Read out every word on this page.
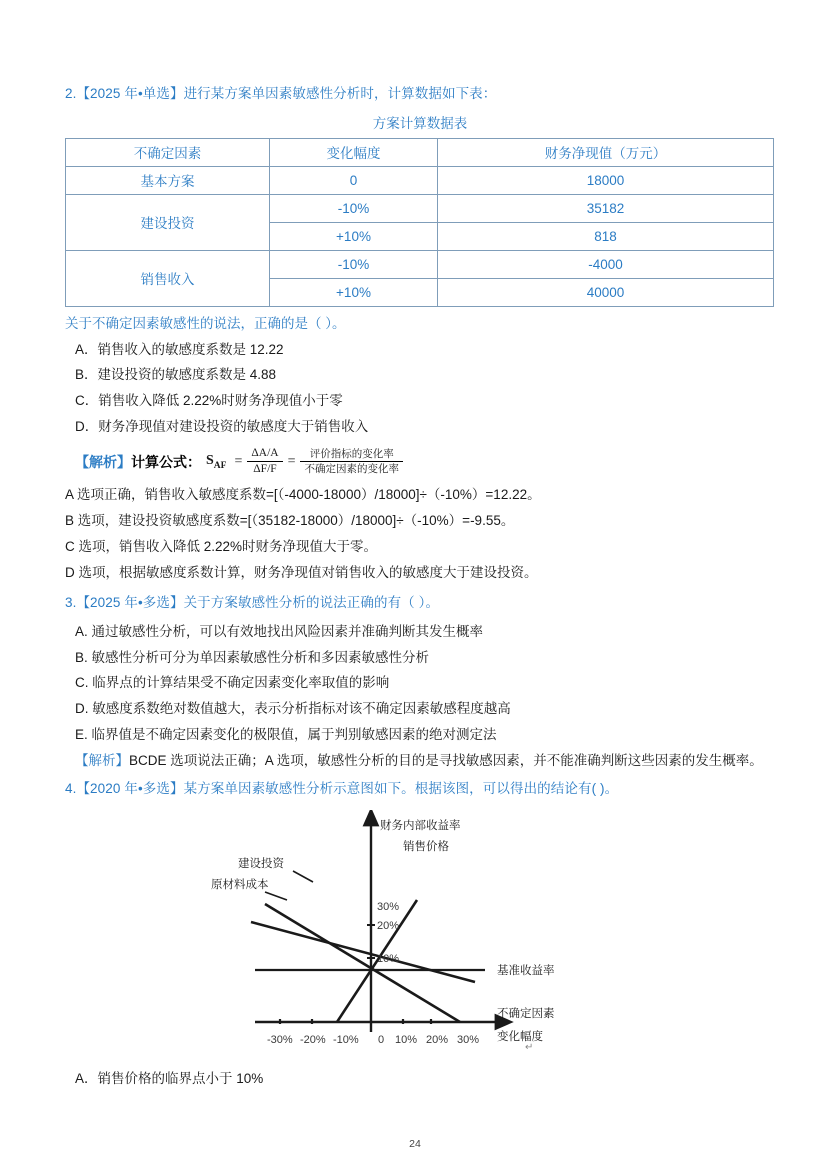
2.【2025 年•单选】进行某方案单因素敏感性分析时，计算数据如下表：

方案计算数据表

不确定因素	变化幅度	财务净现值（万元）
基本方案	0	18000
建设投资	-10%	35182
	+10%	818
销售收入	-10%	-4000
	+10%	40000

关于不确定因素敏感性的说法，正确的是（ ）。

A．销售收入的敏感度系数是 12.22

B．建设投资的敏感度系数是 4.88

C．销售收入降低 2.22%时财务净现值小于零

D．财务净现值对建设投资的敏感度大于销售收入

【解析】 计算公式： $S_{AF} = \frac{\Delta A/A}{\Delta F/F} = \frac{\text{评价指标的变化率}}{\text{不确定因素的变化率}}$

A 选项正确，销售收入敏感度系数=[（-4000-18000）/18000]÷（-10%）=12.22。

B 选项，建设投资敏感度系数=[（35182-18000）/18000]÷（-10%）=-9.55。

C 选项，销售收入降低 2.22%时财务净现值大于零。

D 选项，根据敏感度系数计算，财务净现值对销售收入的敏感度大于建设投资。

3.【2025 年•多选】关于方案敏感性分析的说法正确的有（ ）。

A. 通过敏感性分析，可以有效地找出风险因素并准确判断其发生概率

B. 敏感性分析可分为单因素敏感性分析和多因素敏感性分析

C. 临界点的计算结果受不确定因素变化率取值的影响

D. 敏感度系数绝对数值越大，表示分析指标对该不确定因素敏感程度越高

E. 临界值是不确定因素变化的极限值，属于判别敏感因素的绝对测定法

【解析】BCDE 选项说法正确；A 选项，敏感性分析的目的是寻找敏感因素，并不能准确判断这些因素的发生概率。

4.【2020 年•多选】某方案单因素敏感性分析示意图如下。根据该图，可以得出的结论有( )。

财务内部收益率
销售价格
建设投资
原材料成本
30%
20%
10%
基准收益率
不确定因素
变化幅度
-30% -20% -10% 0 10% 20% 30%
↵

A．销售价格的临界点小于 10%

24
